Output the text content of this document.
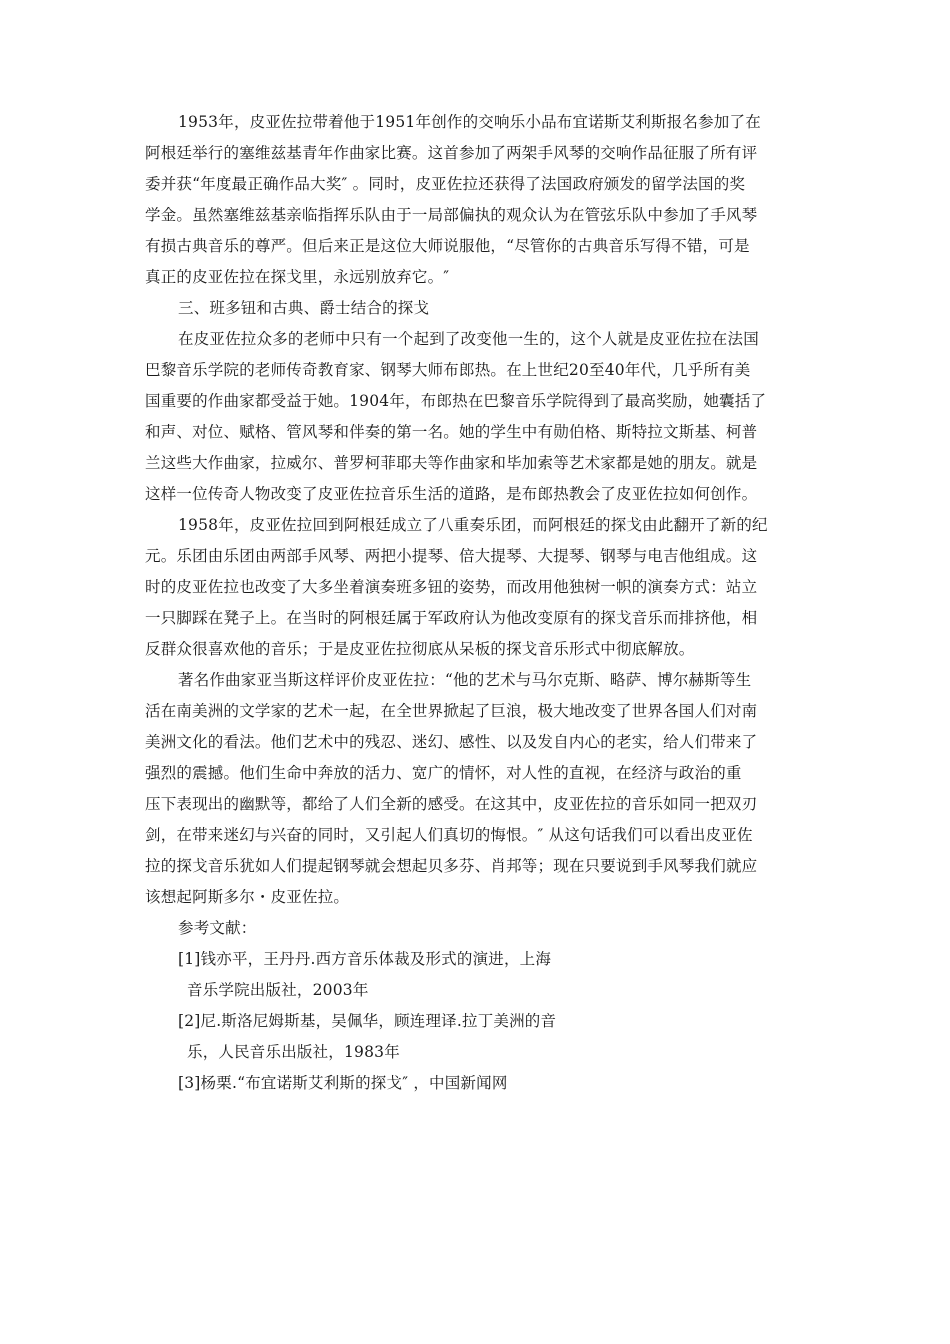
1953年，皮亚佐拉带着他于1951年创作的交响乐小品布宜诺斯艾利斯报名参加了在
阿根廷举行的塞维兹基青年作曲家比赛。这首参加了两架手风琴的交响作品征服了所有评
委并获“年度最正确作品大奖″ 。同时，皮亚佐拉还获得了法国政府颁发的留学法国的奖
学金。虽然塞维兹基亲临指挥乐队由于一局部偏执的观众认为在管弦乐队中参加了手风琴
有损古典音乐的尊严。但后来正是这位大师说服他，“尽管你的古典音乐写得不错，可是
真正的皮亚佐拉在探戈里，永远别放弃它。″
三、班多钮和古典、爵士结合的探戈
在皮亚佐拉众多的老师中只有一个起到了改变他一生的，这个人就是皮亚佐拉在法国
巴黎音乐学院的老师传奇教育家、钢琴大师布郎热。在上世纪20至40年代，几乎所有美
国重要的作曲家都受益于她。1904年，布郎热在巴黎音乐学院得到了最高奖励，她囊括了
和声、对位、赋格、管风琴和伴奏的第一名。她的学生中有勋伯格、斯特拉文斯基、柯普
兰这些大作曲家，拉威尔、普罗柯菲耶夫等作曲家和毕加索等艺术家都是她的朋友。就是
这样一位传奇人物改变了皮亚佐拉音乐生活的道路，是布郎热教会了皮亚佐拉如何创作。
1958年，皮亚佐拉回到阿根廷成立了八重奏乐团，而阿根廷的探戈由此翻开了新的纪
元。乐团由乐团由两部手风琴、两把小提琴、倍大提琴、大提琴、钢琴与电吉他组成。这
时的皮亚佐拉也改变了大多坐着演奏班多钮的姿势，而改用他独树一帜的演奏方式：站立
一只脚踩在凳子上。在当时的阿根廷属于军政府认为他改变原有的探戈音乐而排挤他，相
反群众很喜欢他的音乐；于是皮亚佐拉彻底从呆板的探戈音乐形式中彻底解放。
著名作曲家亚当斯这样评价皮亚佐拉：“他的艺术与马尔克斯、略萨、博尔赫斯等生
活在南美洲的文学家的艺术一起，在全世界掀起了巨浪，极大地改变了世界各国人们对南
美洲文化的看法。他们艺术中的残忍、迷幻、感性、以及发自内心的老实，给人们带来了
强烈的震撼。他们生命中奔放的活力、宽广的情怀，对人性的直视，在经济与政治的重
压下表现出的幽默等，都给了人们全新的感受。在这其中，皮亚佐拉的音乐如同一把双刃
剑，在带来迷幻与兴奋的同时，又引起人们真切的悔恨。″ 从这句话我们可以看出皮亚佐
拉的探戈音乐犹如人们提起钢琴就会想起贝多芬、肖邦等；现在只要说到手风琴我们就应
该想起阿斯多尔・皮亚佐拉。
参考文献：
[1]钱亦平，王丹丹.西方音乐体裁及形式的演进，上海
音乐学院出版社，2003年
[2]尼.斯洛尼姆斯基，吴佩华，顾连理译.拉丁美洲的音
乐，人民音乐出版社，1983年
[3]杨栗.“布宜诺斯艾利斯的探戈″ ，中国新闻网
